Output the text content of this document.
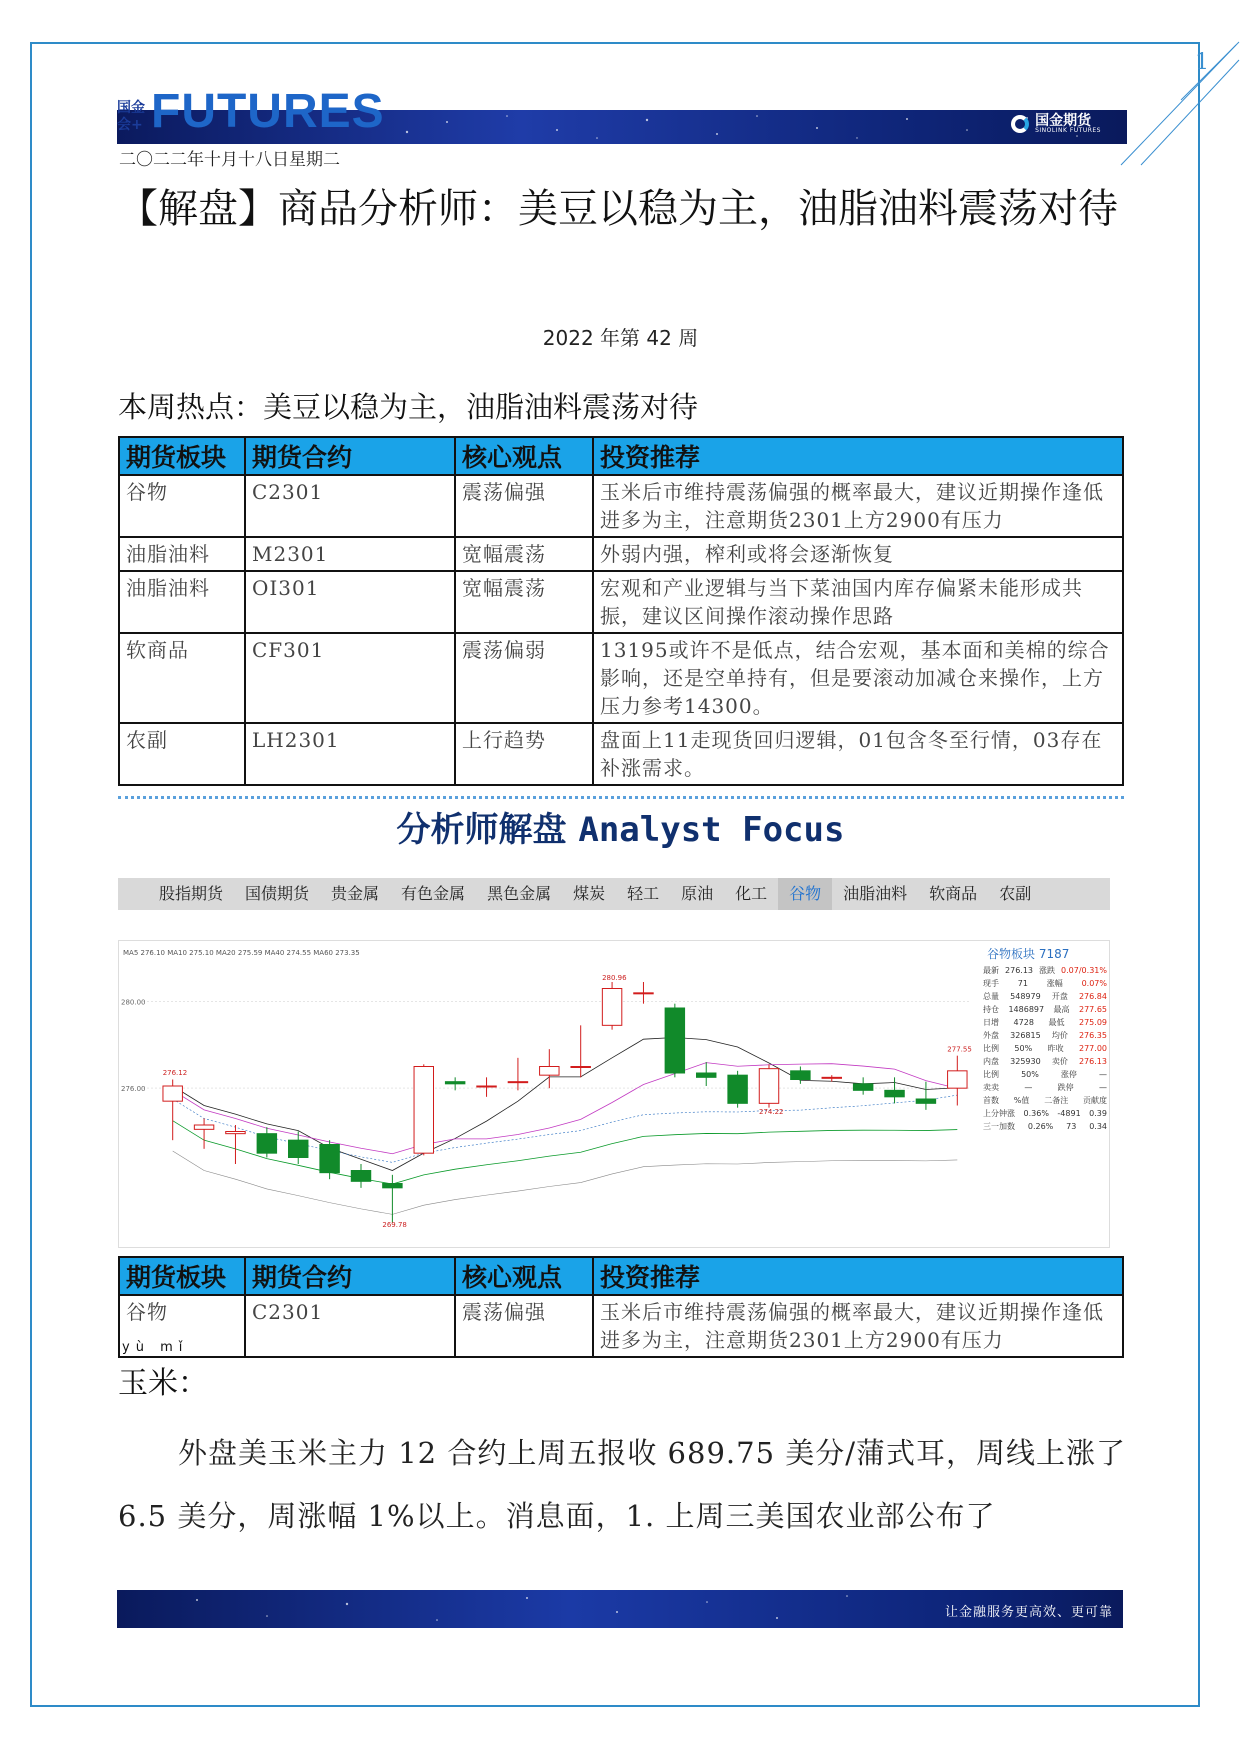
1
国金会+ FUTURES	国金期货
SINOLINK FUTURES
二〇二二年十月十八日星期二
【解盘】商品分析师：美豆以稳为主，油脂油料震荡对待
2022 年第 42 周
本周热点：美豆以稳为主，油脂油料震荡对待
期货板块	期货合约	核心观点	投资推荐
谷物	C2301	震荡偏强	玉米后市维持震荡偏强的概率最大，建议近期操作逢低进多为主，注意期货2301上方2900有压力
油脂油料	M2301	宽幅震荡	外弱内强，榨利或将会逐渐恢复
油脂油料	OI301	宽幅震荡	宏观和产业逻辑与当下菜油国内库存偏紧未能形成共振，建议区间操作滚动操作思路
软商品	CF301	震荡偏弱	13195或许不是低点，结合宏观，基本面和美棉的综合影响，还是空单持有，但是要滚动加减仓来操作，上方压力参考14300。
农副	LH2301	上行趋势	盘面上11走现货回归逻辑，01包含冬至行情，03存在补涨需求。
分析师解盘 Analyst Focus
股指期货	国债期货	贵金属	有色金属	黑色金属	煤炭	轻工	原油	化工	谷物	油脂油料	软商品	农副
MA5 276.10 MA10 275.10 MA20 275.59 MA40 274.55 MA60 273.35
280.00
276.00
280.96
276.12
277.55
274.22
269.78
谷物板块 7187
最新 276.13 涨跌 0.07/0.31%
现手 71 涨幅 0.07%
总量 548979 开盘 276.84
持仓 1486897 最高 277.65
日增 4728 最低 275.09
外盘 326815 均价 276.35
比例 50% 昨收 277.00
内盘 325930 卖价 276.13
比例	50%	涨停	—
卖卖	—	跌停	—
首数 %值 二备注 贡献度
上分钟涨 0.36% -4891 0.39
三一加数 0.26% 73 0.34
期货板块	期货合约	核心观点	投资推荐
谷物	C2301	震荡偏强	玉米后市维持震荡偏强的概率最大，建议近期操作逢低进多为主，注意期货2301上方2900有压力
yù mǐ
玉米：

外盘美玉米主力 12 合约上周五报收 689.75 美分/蒲式耳，周线上涨了 6.5 美分，周涨幅 1%以上。消息面，1. 上周三美国农业部公布了

让金融服务更高效、更可靠
